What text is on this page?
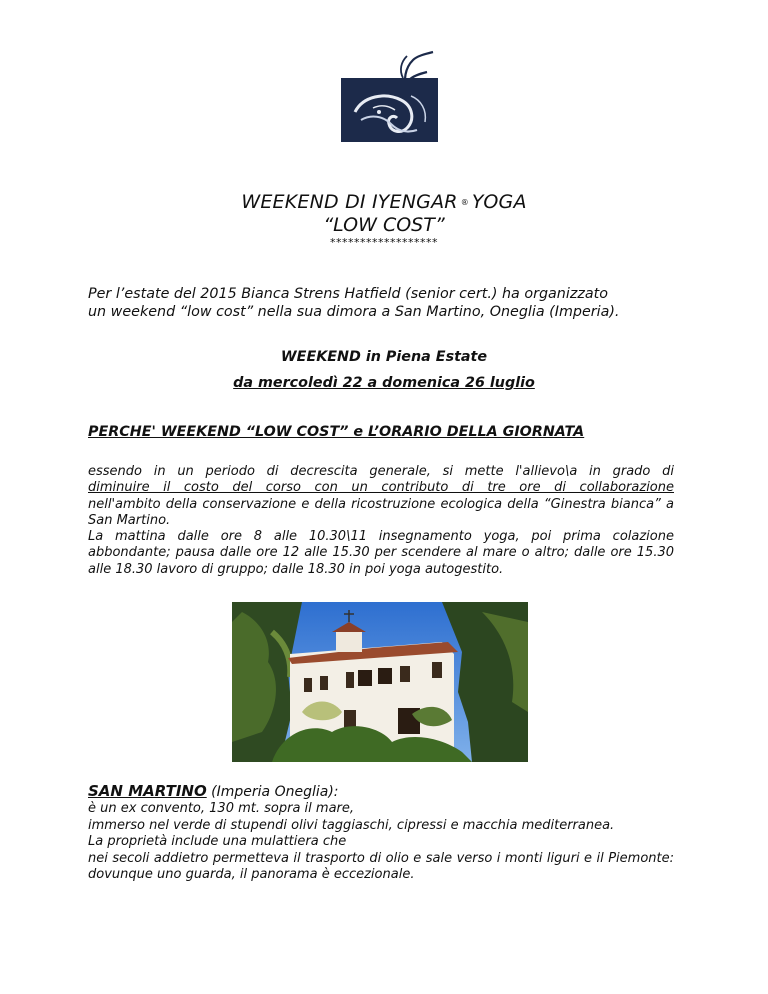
WEEKEND DI IYENGAR ® YOGA
“LOW COST”
******************

Per l’estate del 2015 Bianca Strens Hatfield (senior cert.) ha organizzato

un weekend “low cost” nella sua dimora a San Martino, Oneglia (Imperia).

WEEKEND in Piena Estate
da mercoledì 22 a domenica 26 luglio
PERCHE' WEEKEND “LOW COST” e L’ORARIO DELLA GIORNATA

essendo in un periodo di decrescita generale, si mette l'allievo\a in grado di

diminuire il costo del corso con un contributo di tre ore di collaborazione

nell'ambito della conservazione e della ricostruzione ecologica della “Ginestra bianca” a San Martino.

La mattina dalle ore 8 alle 10.30\11 insegnamento yoga, poi prima colazione abbondante; pausa dalle ore 12 alle 15.30 per scendere al mare o altro; dalle ore 15.30 alle 18.30 lavoro di gruppo; dalle 18.30 in poi yoga autogestito.

SAN MARTINO (Imperia Oneglia):

è un ex convento, 130 mt. sopra il mare,

immerso nel verde di stupendi olivi taggiaschi, cipressi e macchia mediterranea.

La proprietà include una mulattiera che

nei secoli addietro permetteva il trasporto di olio e sale verso i monti liguri e il Piemonte: dovunque uno guarda, il panorama è eccezionale.
